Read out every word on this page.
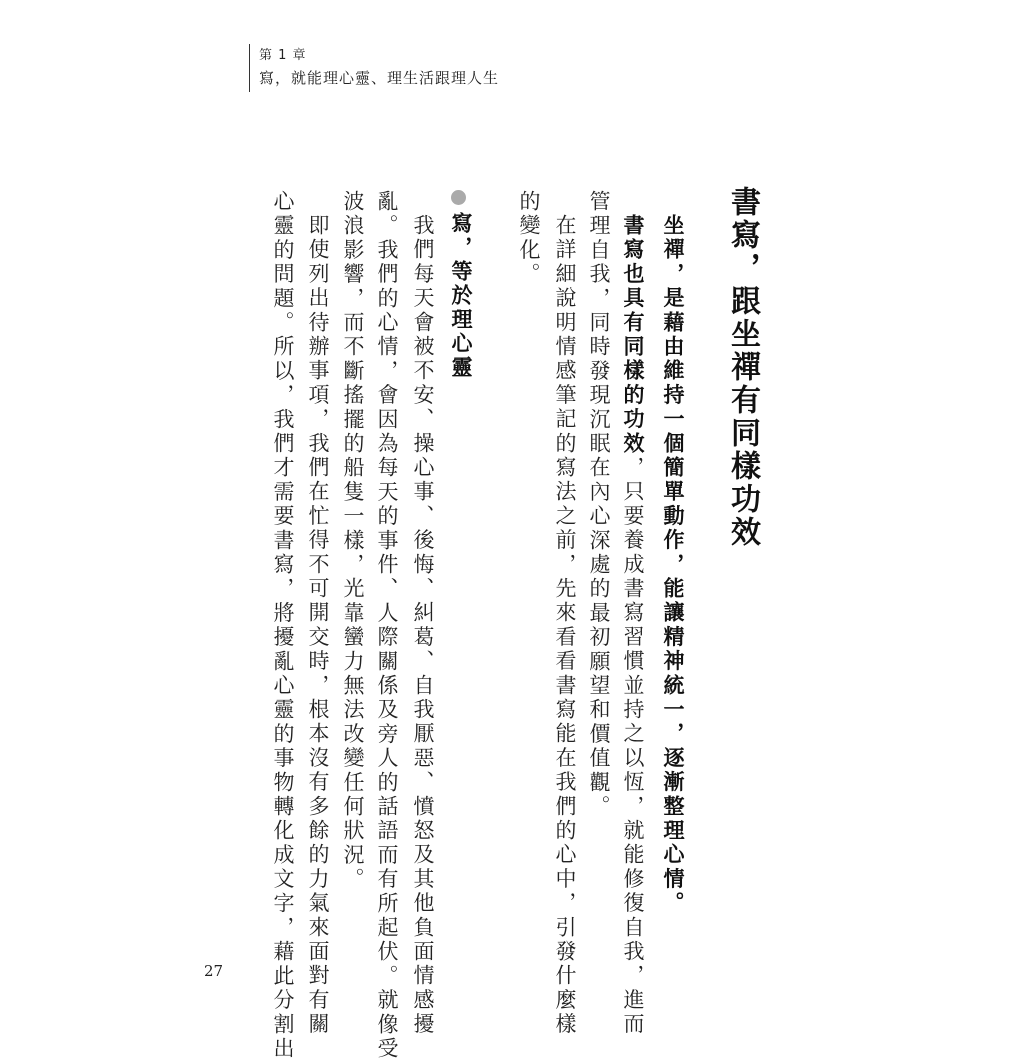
第 1 章
寫，就能理心靈、理生活跟理人生
書寫，跟坐禪有同樣功效
坐禪，是藉由維持一個簡單動作，能讓精神統一，逐漸整理心情。
書寫也具有同樣的功效，只要養成書寫習慣並持之以恆，就能修復自我，進而
管理自我，同時發現沉眠在內心深處的最初願望和價值觀。
在詳細說明情感筆記的寫法之前，先來看看書寫能在我們的心中，引發什麼樣
的變化。
寫，等於理心靈
我們每天會被不安、操心事、後悔、糾葛、自我厭惡、憤怒及其他負面情感擾
亂。我們的心情，會因為每天的事件、人際關係及旁人的話語而有所起伏。就像受
波浪影響，而不斷搖擺的船隻一樣，光靠蠻力無法改變任何狀況。
即使列出待辦事項，我們在忙得不可開交時，根本沒有多餘的力氣來面對有關
心靈的問題。所以，我們才需要書寫，將擾亂心靈的事物轉化成文字，藉此分割出
27
